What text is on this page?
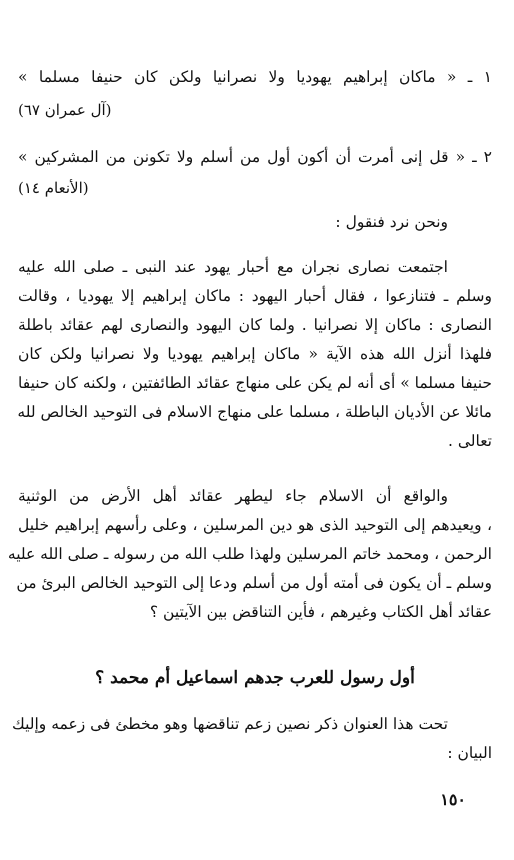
١ ـ « ماكان إبراهيم يهوديا ولا نصرانيا ولكن كان حنيفا مسلما »
(آل عمران ٦٧)
٢ ـ « قل إنى أمرت أن أكون أول من أسلم ولا تكونن من المشركين »
(الأنعام ١٤)
ونحن نرد فنقول :
اجتمعت نصارى نجران مع أحبار يهود عند النبى ـ صلى الله عليه
وسلم ـ فتنازعوا ، فقال أحبار اليهود : ماكان إبراهيم إلا يهوديا ، وقالت
النصارى : ماكان إلا نصرانيا . ولما كان اليهود والنصارى لهم عقائد باطلة
فلهذا أنزل الله هذه الآية « ماكان إبراهيم يهوديا ولا نصرانيا ولكن كان
حنيفا مسلما » أى أنه لم يكن على منهاج عقائد الطائفتين ، ولكنه كان حنيفا
مائلا عن الأديان الباطلة ، مسلما على منهاج الاسلام فى التوحيد الخالص لله
تعالى .
والواقع أن الاسلام جاء ليطهر عقائد أهل الأرض من الوثنية
، ويعيدهم إلى التوحيد الذى هو دين المرسلين ، وعلى رأسهم إبراهيم خليل
الرحمن ، ومحمد خاتم المرسلين ولهذا طلب الله من رسوله ـ صلى الله عليه
وسلم ـ أن يكون فى أمته أول من أسلم ودعا إلى التوحيد الخالص البرئ من
عقائد أهل الكتاب وغيرهم ، فأين التناقض بين الآيتين ؟
أول رسول للعرب جدهم اسماعيل أم محمد ؟
تحت هذا العنوان ذكر نصين زعم تناقضها وهو مخطئ فى زعمه وإليك
البيان :
١٥٠
